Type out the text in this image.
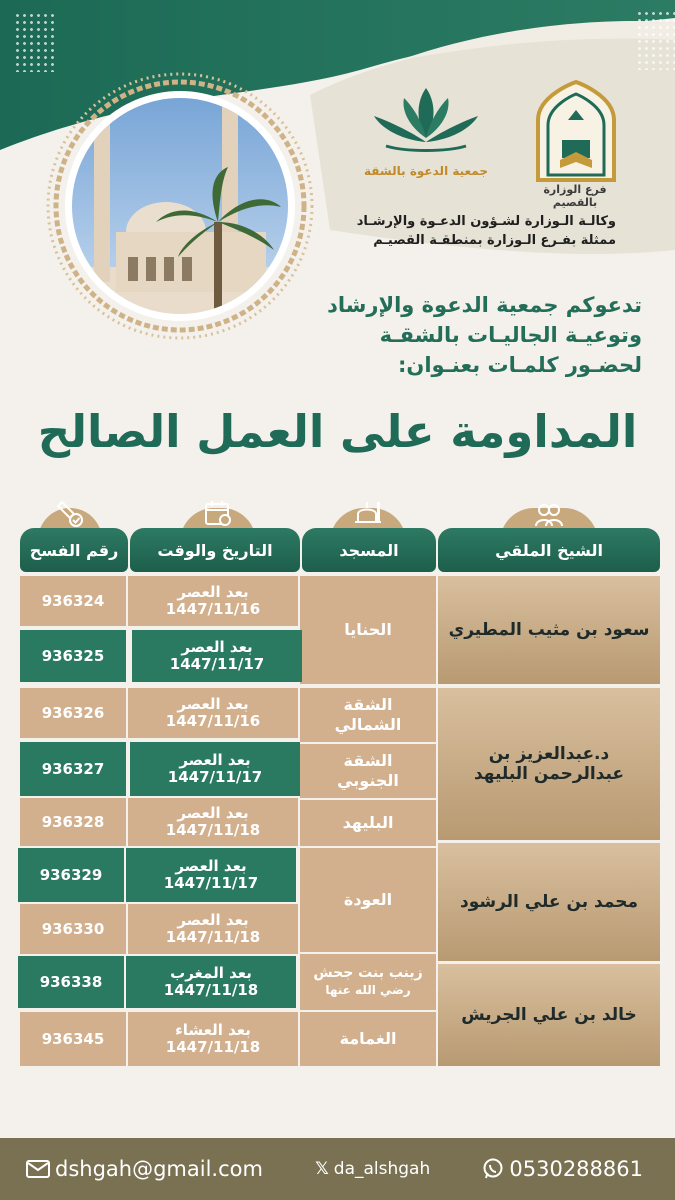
فرع الوزارة بالقصيم
جمعية الدعوة بالشقة
وكالـة الـوزارة لشـؤون الدعـوة والإرشـاد
ممثلة بفـرع الـوزارة بمنطقـة القصيـم
تدعوكم جمعية الدعوة والإرشاد
وتوعيـة الجاليـات بالشقـة
لحضـور كلمـات بعنـوان:
المداومة على العمل الصالح
الشيخ الملقي
المسجد
التاريخ والوقت
رقم الفسح
سعود بن مثيب المطيري
د.عبدالعزيز بن عبدالرحمن البليهد
محمد بن علي الرشود
خالد بن علي الجريش
الحنايا
الشقة الشمالي
الشقة الجنوبي
البليهد
العودة
زينب بنت جحش
رضي الله عنها
الغمامة
بعد العصر
1447/11/16
936324
بعد العصر
1447/11/17
936325
بعد العصر
1447/11/16
936326
بعد العصر
1447/11/17
936327
بعد العصر
1447/11/18
936328
بعد العصر
1447/11/17
936329
بعد العصر
1447/11/18
936330
بعد المغرب
1447/11/18
936338
بعد العشاء
1447/11/18
936345
dshgah@gmail.com	𝕏 da_alshgah	0530288861
